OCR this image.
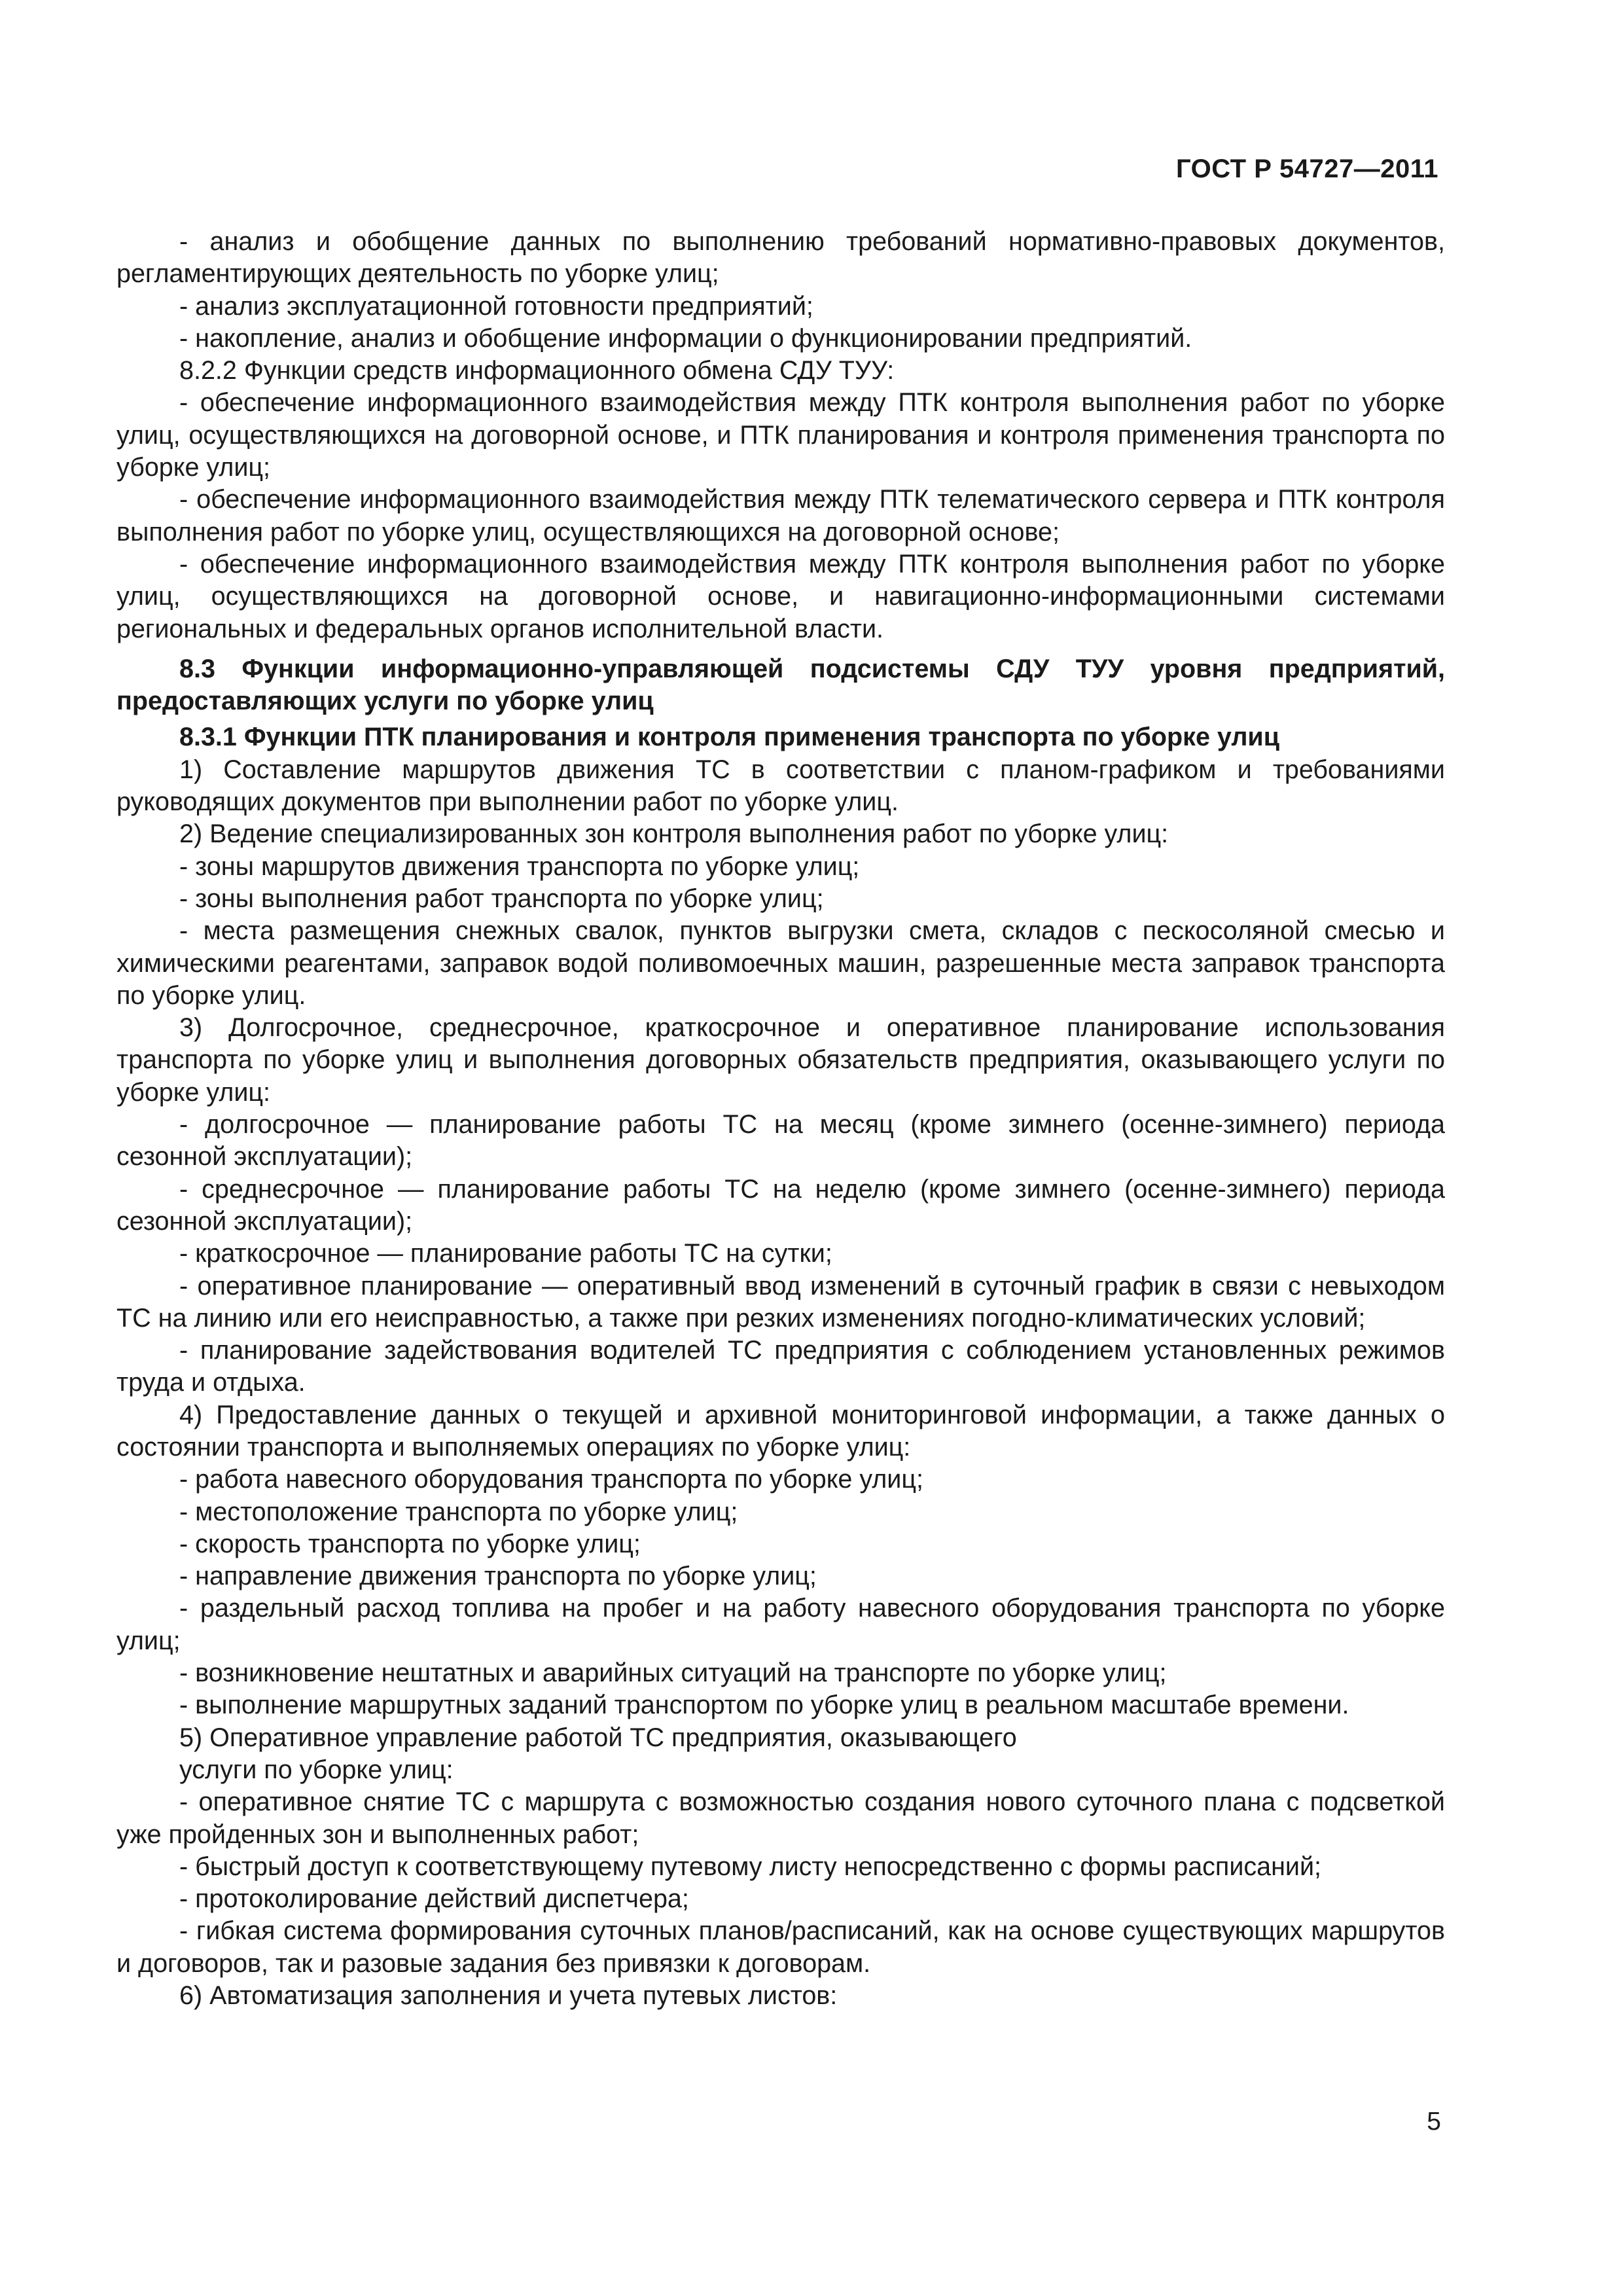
ГОСТ Р 54727—2011

- анализ и обобщение данных по выполнению требований нормативно-правовых документов, регламентирующих деятельность по уборке улиц;

- анализ эксплуатационной готовности предприятий;

- накопление, анализ и обобщение информации о функционировании предприятий.

8.2.2 Функции средств информационного обмена СДУ ТУУ:

- обеспечение информационного взаимодействия между ПТК контроля выполнения работ по уборке улиц, осуществляющихся на договорной основе, и ПТК планирования и контроля применения транспорта по уборке улиц;

- обеспечение информационного взаимодействия между ПТК телематического сервера и ПТК контроля выполнения работ по уборке улиц, осуществляющихся на договорной основе;

- обеспечение информационного взаимодействия между ПТК контроля выполнения работ по уборке улиц, осуществляющихся на договорной основе, и навигационно-информационными системами региональных и федеральных органов исполнительной власти.

8.3 Функции информационно-управляющей подсистемы СДУ ТУУ уровня предприятий, предоставляющих услуги по уборке улиц

8.3.1 Функции ПТК планирования и контроля применения транспорта по уборке улиц

1) Составление маршрутов движения ТС в соответствии с планом-графиком и требованиями руководящих документов при выполнении работ по уборке улиц.

2) Ведение специализированных зон контроля выполнения работ по уборке улиц:

- зоны маршрутов движения транспорта по уборке улиц;

- зоны выполнения работ транспорта по уборке улиц;

- места размещения снежных свалок, пунктов выгрузки смета, складов с пескосоляной смесью и химическими реагентами, заправок водой поливомоечных машин, разрешенные места заправок транспорта по уборке улиц.

3) Долгосрочное, среднесрочное, краткосрочное и оперативное планирование использования транспорта по уборке улиц и выполнения договорных обязательств предприятия, оказывающего услуги по уборке улиц:

- долгосрочное — планирование работы ТС на месяц (кроме зимнего (осенне-зимнего) периода сезонной эксплуатации);

- среднесрочное — планирование работы ТС на неделю (кроме зимнего (осенне-зимнего) периода сезонной эксплуатации);

- краткосрочное — планирование работы ТС на сутки;

- оперативное планирование — оперативный ввод изменений в суточный график в связи с невыходом ТС на линию или его неисправностью, а также при резких изменениях погодно-климатических условий;

- планирование задействования водителей ТС предприятия с соблюдением установленных режимов труда и отдыха.

4) Предоставление данных о текущей и архивной мониторинговой информации, а также данных о состоянии транспорта и выполняемых операциях по уборке улиц:

- работа навесного оборудования транспорта по уборке улиц;

- местоположение транспорта по уборке улиц;

- скорость транспорта по уборке улиц;

- направление движения транспорта по уборке улиц;

- раздельный расход топлива на пробег и на работу навесного оборудования транспорта по уборке улиц;

- возникновение нештатных и аварийных ситуаций на транспорте по уборке улиц;

- выполнение маршрутных заданий транспортом по уборке улиц в реальном масштабе времени.

5) Оперативное управление работой ТС предприятия, оказывающего

услуги по уборке улиц:

- оперативное снятие ТС с маршрута с возможностью создания нового суточного плана с подсветкой уже пройденных зон и выполненных работ;

- быстрый доступ к соответствующему путевому листу непосредственно с формы расписаний;

- протоколирование действий диспетчера;

- гибкая система формирования суточных планов/расписаний, как на основе существующих маршрутов и договоров, так и разовые задания без привязки к договорам.

6) Автоматизация заполнения и учета путевых листов:

5
